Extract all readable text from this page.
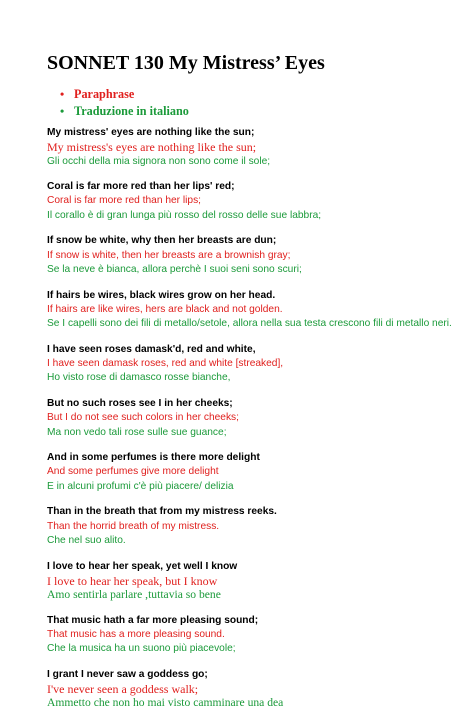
SONNET 130 My Mistress’ Eyes
• Paraphrase
• Traduzione in italiano
My mistress' eyes are nothing like the sun;
My mistress's eyes are nothing like the sun;
Gli occhi della mia signora non sono come il sole;
Coral is far more red than her lips' red;
Coral is far more red than her lips;
Il corallo è di gran lunga più rosso del rosso delle sue labbra;
If snow be white, why then her breasts are dun;
If snow is white, then her breasts are a brownish gray;
Se la neve è bianca, allora perchè I suoi seni sono scuri;
If hairs be wires, black wires grow on her head.
If hairs are like wires, hers are black and not golden.
Se I capelli sono dei fili di metallo/setole, allora nella sua testa crescono fili di metallo neri.
I have seen roses damask'd, red and white,
I have seen damask roses, red and white [streaked],
Ho visto rose di damasco rosse bianche,
But no such roses see I in her cheeks;
But I do not see such colors in her cheeks;
Ma non vedo tali rose sulle sue guance;
And in some perfumes is there more delight
And some perfumes give more delight
E in alcuni profumi c'è più piacere/ delizia
Than in the breath that from my mistress reeks.
Than the horrid breath of my mistress.
Che nel suo alito.
I love to hear her speak, yet well I know
I love to hear her speak, but I know
Amo sentirla parlare ,tuttavia so bene
That music hath a far more pleasing sound;
That music has a more pleasing sound.
Che la musica ha un suono più piacevole;
I grant I never saw a goddess go;
I've never seen a goddess walk;
Ammetto che non ho mai visto camminare una dea
